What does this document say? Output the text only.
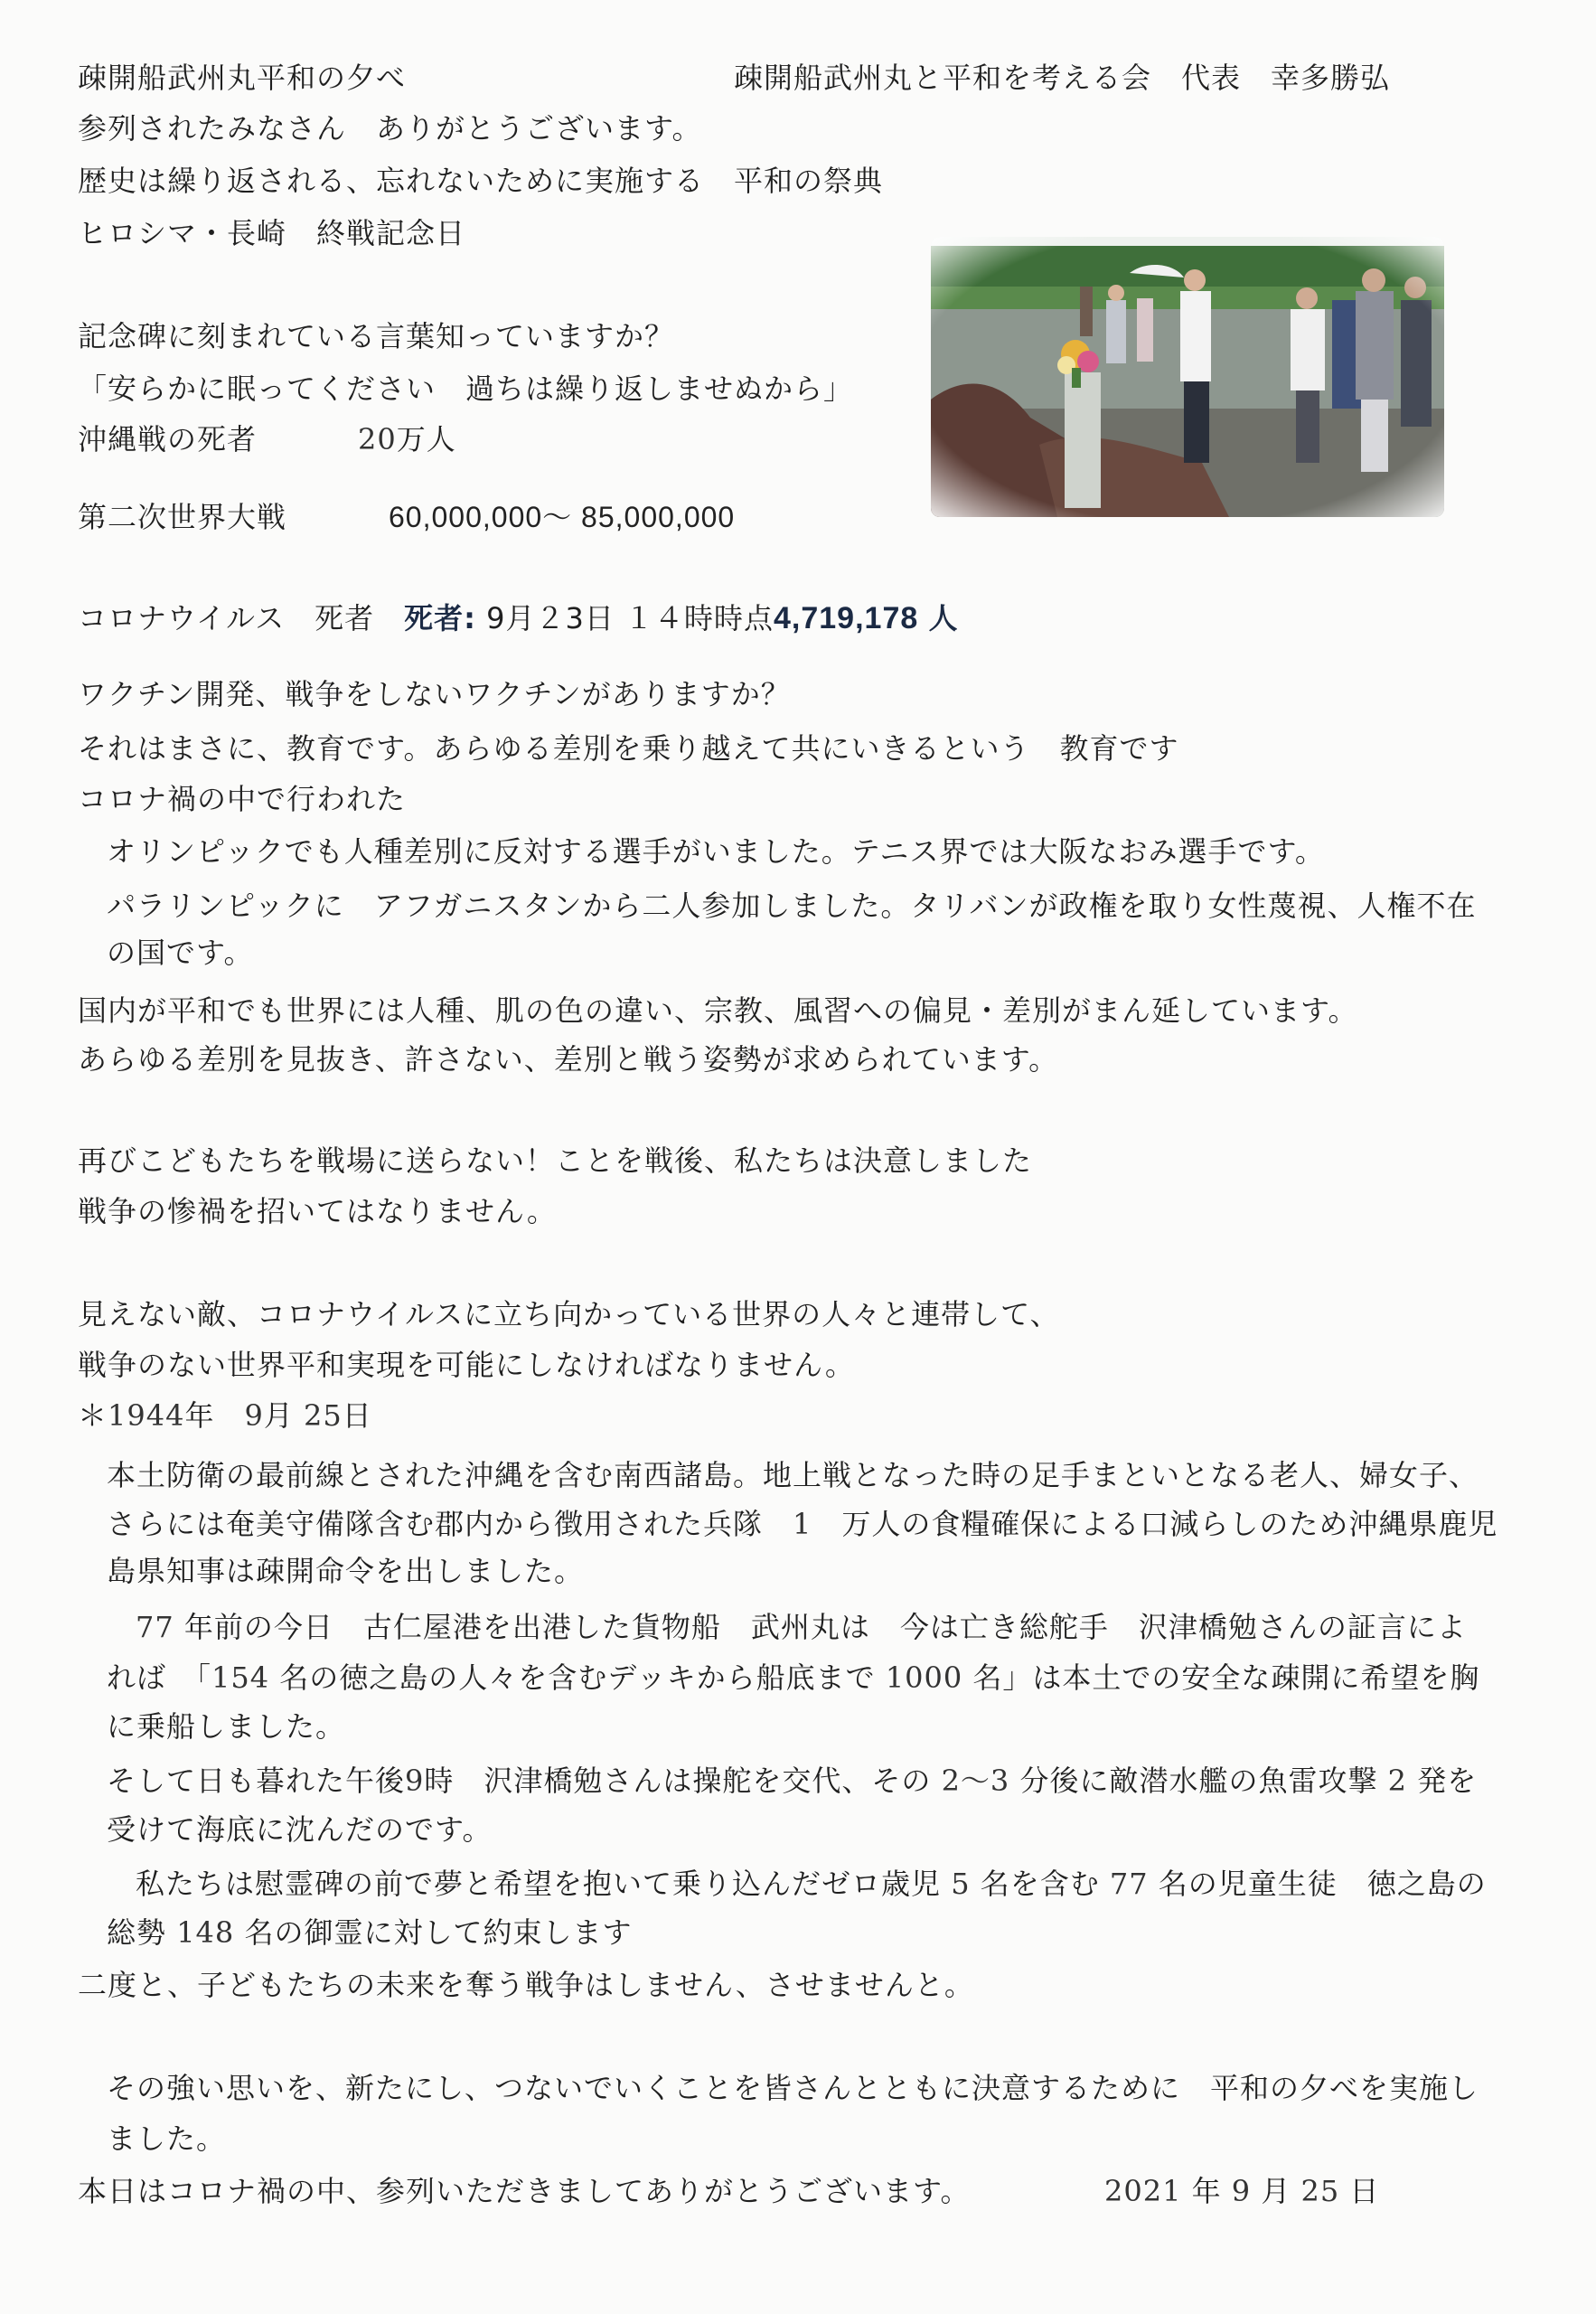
疎開船武州丸平和の夕べ	疎開船武州丸と平和を考える会　代表　幸多勝弘
参列されたみなさん　ありがとうございます。
歴史は繰り返される、忘れないために実施する　平和の祭典
ヒロシマ・長崎　終戦記念日
記念碑に刻まれている言葉知っていますか？
「安らかに眠ってください　過ちは繰り返しませぬから」
沖縄戦の死者	20万人
第二次世界大戦	60,000,000～ 85,000,000
コロナウイルス　死者　 死者: 9月２3日 １４時時点4,719,178 人
ワクチン開発、戦争をしないワクチンがありますか？
それはまさに、教育です。あらゆる差別を乗り越えて共にいきるという　教育です
コロナ禍の中で行われた
オリンピックでも人種差別に反対する選手がいました。テニス界では大阪なおみ選手です。
パラリンピックに　アフガニスタンから二人参加しました。タリバンが政権を取り女性蔑視、人権不在
の国です。
国内が平和でも世界には人種、肌の色の違い、宗教、風習への偏見・差別がまん延しています。
あらゆる差別を見抜き、許さない、差別と戦う姿勢が求められています。
再びこどもたちを戦場に送らない！ことを戦後、私たちは決意しました
戦争の惨禍を招いてはなりません。
見えない敵、コロナウイルスに立ち向かっている世界の人々と連帯して、
戦争のない世界平和実現を可能にしなければなりません。
＊1944年　 9月 25日
本土防衛の最前線とされた沖縄を含む南西諸島。地上戦となった時の足手まといとなる老人、婦女子、
さらには奄美守備隊含む郡内から徴用された兵隊　 1　 万人の食糧確保による口減らしのため沖縄県鹿児
島県知事は疎開命令を出しました。
77 年前の今日　古仁屋港を出港した貨物船　武州丸は　今は亡き総舵手　沢津橋勉さんの証言によ
れば　「154 名の徳之島の人々を含むデッキから船底まで 1000 名」は本土での安全な疎開に希望を胸
に乗船しました。
そして日も暮れた午後9時　沢津橋勉さんは操舵を交代、その 2～3 分後に敵潜水艦の魚雷攻撃 2 発を
受けて海底に沈んだのです。
私たちは慰霊碑の前で夢と希望を抱いて乗り込んだゼロ歳児 5 名を含む 77 名の児童生徒　徳之島の
総勢 148 名の御霊に対して約束します
二度と、子どもたちの未来を奪う戦争はしません、させませんと。
その強い思いを、新たにし、つないでいくことを皆さんとともに決意するために　平和の夕べを実施し
ました。
本日はコロナ禍の中、参列いただきましてありがとうございます。	2021 年 9 月 25 日
